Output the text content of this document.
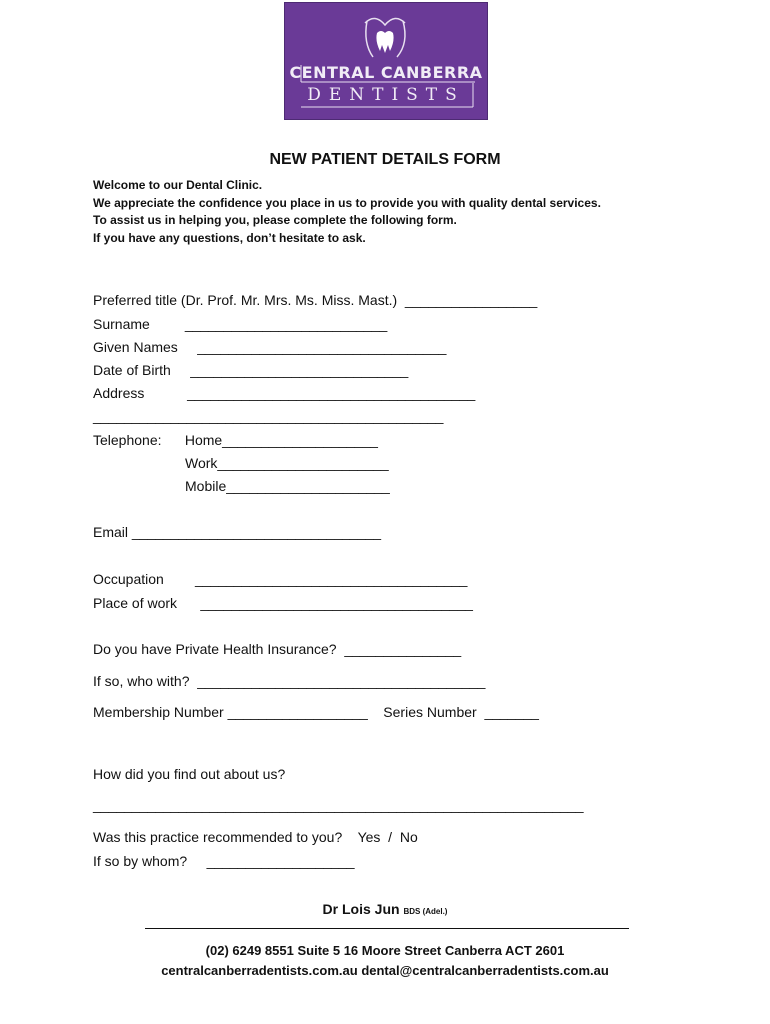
CENTRAL CANBERRA
DENTISTS
NEW PATIENT DETAILS FORM
Welcome to our Dental Clinic.
We appreciate the confidence you place in us to provide you with quality dental services.
To assist us in helping you, please complete the following form.
If you have any questions, don’t hesitate to ask.
Preferred title (Dr. Prof. Mr. Mrs. Ms. Miss. Mast.)  _________________
Surname         __________________________
Given Names     ________________________________
Date of Birth     ____________________________
Address           _____________________________________
_____________________________________________
Telephone:      Home____________________
Work______________________
Mobile_____________________
Email ________________________________
Occupation        ___________________________________
Place of work      ___________________________________
Do you have Private Health Insurance?  _______________
If so, who with?  _____________________________________
Membership Number __________________    Series Number  _______
How did you find out about us?
_______________________________________________________________
Was this practice recommended to you?    Yes  /  No
If so by whom?     ___________________
Dr Lois Jun BDS (Adel.)
(02) 6249 8551 Suite 5 16 Moore Street Canberra ACT 2601
centralcanberradentists.com.au dental@centralcanberradentists.com.au
